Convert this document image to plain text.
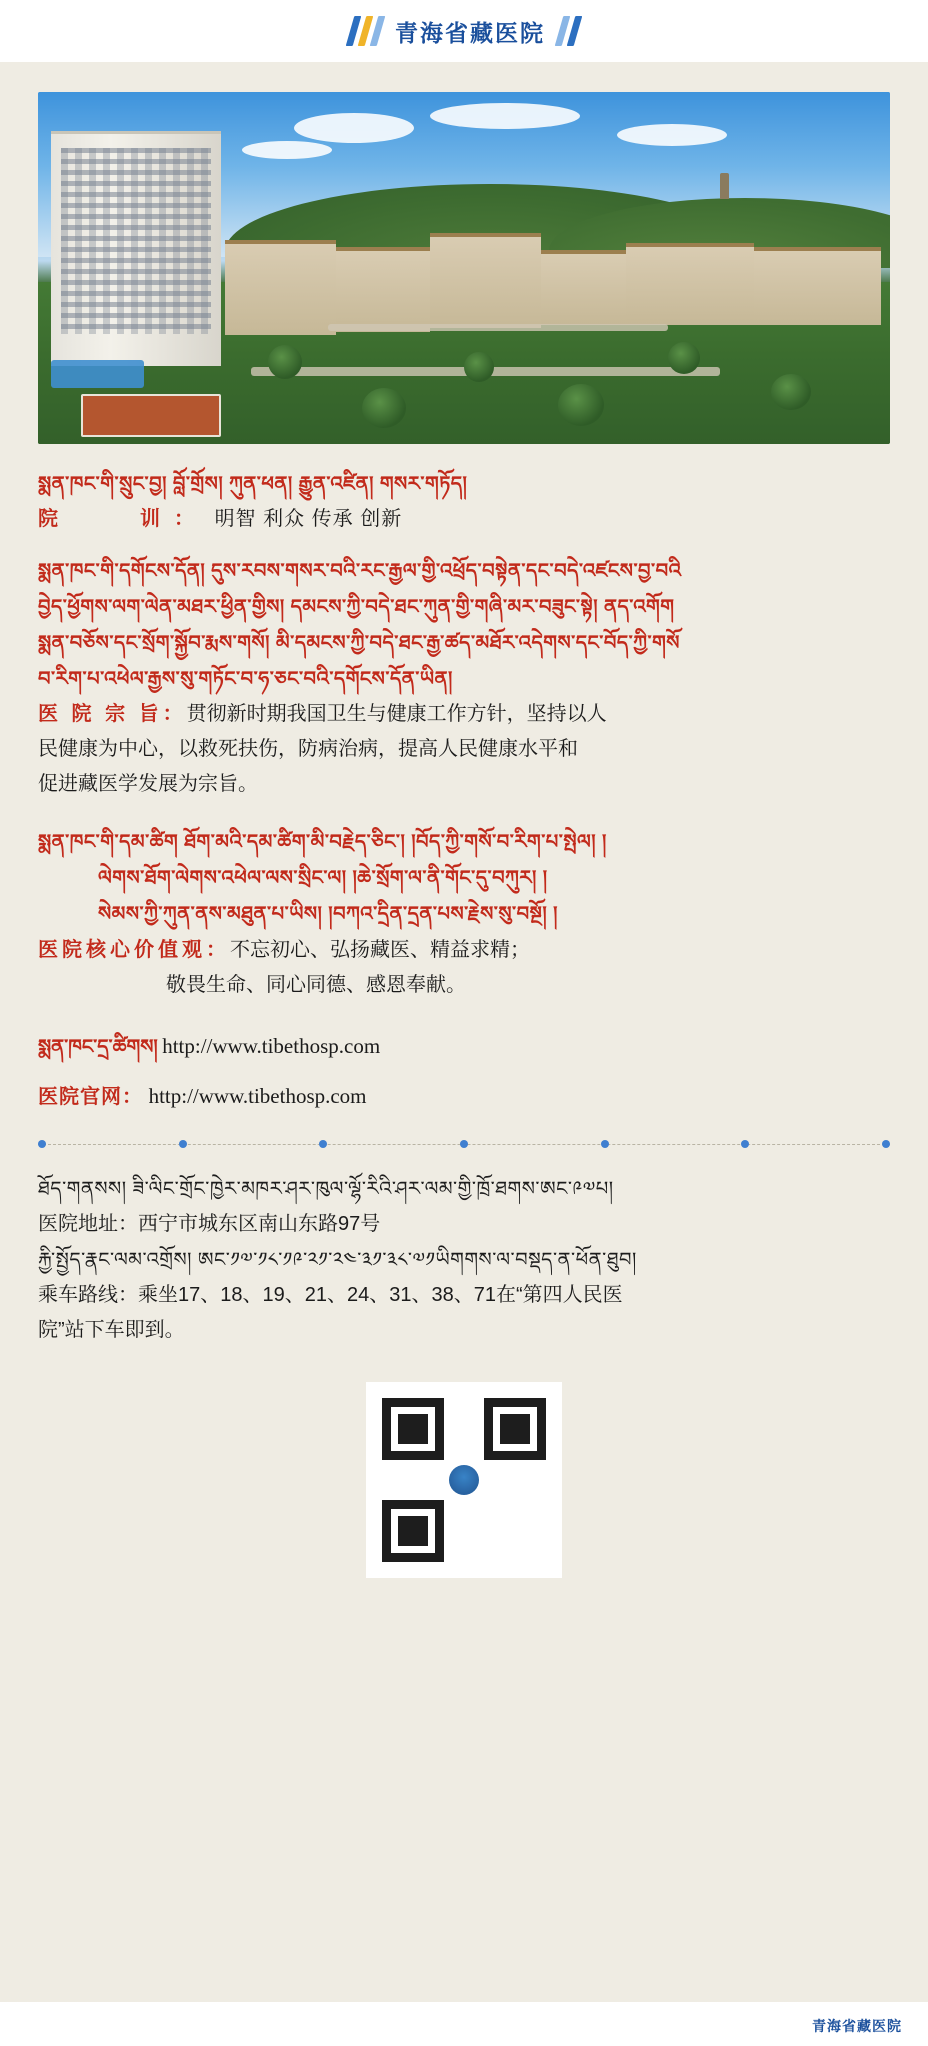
青海省藏医院
སྨན་ཁང་གི་སྲུང་བྱ། བློ་གྲོས། ཀུན་ཕན། རྒྱུན་འཛིན། གསར་གཏོད།
院　　训： 明智 利众 传承 创新
སྨན་ཁང་གི་དགོངས་དོན། དུས་རབས་གསར་བའི་རང་རྒྱལ་གྱི་འཕྲོད་བསྟེན་དང་བདེ་འཛངས་བྱ་བའི
བྱེད་ཕྱོགས་ལག་ལེན་མཐར་ཕྱིན་གྱིས། དམངས་ཀྱི་བདེ་ཐང་ཀུན་གྱི་གཞི་མར་བཟུང་སྟེ། ནད་འགོག
སྨན་བཅོས་དང་སྲོག་སྐྱོབ་རྨས་གསོ། མི་དམངས་ཀྱི་བདེ་ཐང་རྒྱ་ཚད་མཐོར་འདེགས་དང་བོད་ཀྱི་གསོ
བ་རིག་པ་འཕེལ་རྒྱས་སུ་གཏོང་བ་ཧ་ཅང་བའི་དགོངས་དོན་ཡིན།
医 院 宗 旨：贯彻新时期我国卫生与健康工作方针，坚持以人
民健康为中心，以救死扶伤，防病治病，提高人民健康水平和
促进藏医学发展为宗旨。
སྨན་ཁང་གི་དམ་ཚིག ཐོག་མའི་དམ་ཚིག་མི་བརྗེད་ཅིང་། །བོད་ཀྱི་གསོ་བ་རིག་པ་སྤེལ། །
ལེགས་ཐོག་ལེགས་འཕེལ་ལས་སྲིང་ལ། །ཆེ་སྲོག་ལ་ནི་གོང་དུ་བཀུར། །
སེམས་ཀྱི་ཀུན་ནས་མཐུན་པ་ཡིས། །བཀའ་དྲིན་དྲན་པས་རྗེས་སུ་བསྔོ། །
医院核心价值观：不忘初心、弘扬藏医、精益求精；
敬畏生命、同心同德、感恩奉献。
སྨན་ཁང་དྲ་ཚིགས། http://www.tibethosp.com
医院官网： http://www.tibethosp.com
ཐོད་གནསས། ཟི་ལིང་གྲོང་ཁྱེར་མཁར་ཤར་ཁུལ་ལྷོ་རིའི་ཤར་ལམ་གྱི་ཁྲོ་ཐགས་ཨང་༩༧པ།
医院地址：西宁市城东区南山东路97号
རྐྱི་སྤྱོད་རྣང་ལམ་འགྲོས། ཨང་༡༧༌༡༨༌༡༩༌༢༡༌༢༤༌༣༡༌༣༨༌༧༡ཡིགགས་ལ་བསྡད་ན་ཕོན་ཐུབ།
乘车路线：乘坐17、18、19、21、24、31、38、71在“第四人民医
院”站下车即到。
青海省藏医院
